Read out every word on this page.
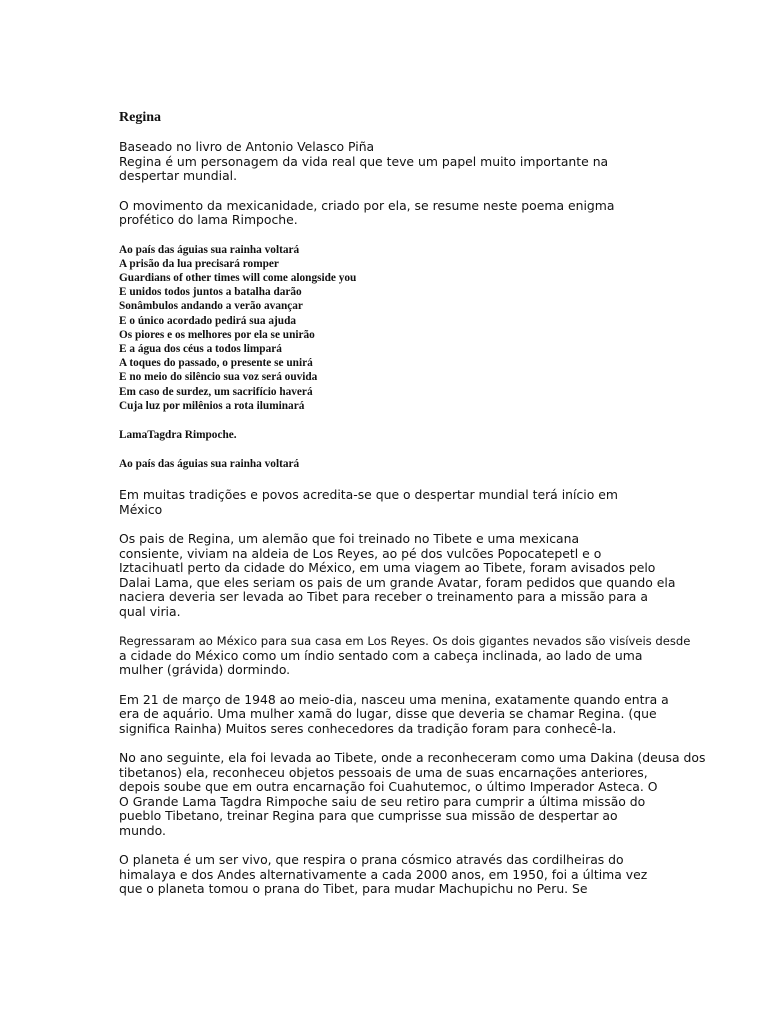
Regina

Baseado no livro de Antonio Velasco Piña
Regina é um personagem da vida real que teve um papel muito importante na
despertar mundial.

O movimento da mexicanidade, criado por ela, se resume neste poema enigma
profético do lama Rimpoche.

Ao país das águias sua rainha voltará
A prisão da lua precisará romper
Guardians of other times will come alongside you
E unidos todos juntos a batalha darão
Sonâmbulos andando a verão avançar
E o único acordado pedirá sua ajuda
Os piores e os melhores por ela se unirão
E a água dos céus a todos limpará
A toques do passado, o presente se unirá
E no meio do silêncio sua voz será ouvida
Em caso de surdez, um sacrifício haverá
Cuja luz por milênios a rota iluminará

LamaTagdra Rimpoche.

Ao país das águias sua rainha voltará

Em muitas tradições e povos acredita-se que o despertar mundial terá início em
México

Os pais de Regina, um alemão que foi treinado no Tibete e uma mexicana
consiente, viviam na aldeia de Los Reyes, ao pé dos vulcões Popocatepetl e o
Iztacihuatl perto da cidade do México, em uma viagem ao Tibete, foram avisados pelo
Dalai Lama, que eles seriam os pais de um grande Avatar, foram pedidos que quando ela
naciera deveria ser levada ao Tibet para receber o treinamento para a missão para a
qual viria.

Regressaram ao México para sua casa em Los Reyes. Os dois gigantes nevados são visíveis desde
a cidade do México como um índio sentado com a cabeça inclinada, ao lado de uma
mulher (grávida) dormindo.

Em 21 de março de 1948 ao meio-dia, nasceu uma menina, exatamente quando entra a
era de aquário. Uma mulher xamã do lugar, disse que deveria se chamar Regina. (que
significa Rainha) Muitos seres conhecedores da tradição foram para conhecê-la.

No ano seguinte, ela foi levada ao Tibete, onde a reconheceram como uma Dakina (deusa dos
tibetanos) ela, reconheceu objetos pessoais de uma de suas encarnações anteriores,
depois soube que em outra encarnação foi Cuahutemoc, o último Imperador Asteca. O
O Grande Lama Tagdra Rimpoche saiu de seu retiro para cumprir a última missão do
pueblo Tibetano, treinar Regina para que cumprisse sua missão de despertar ao
mundo.

O planeta é um ser vivo, que respira o prana cósmico através das cordilheiras do
himalaya e dos Andes alternativamente a cada 2000 anos, em 1950, foi a última vez
que o planeta tomou o prana do Tibet, para mudar Machupichu no Peru. Se
